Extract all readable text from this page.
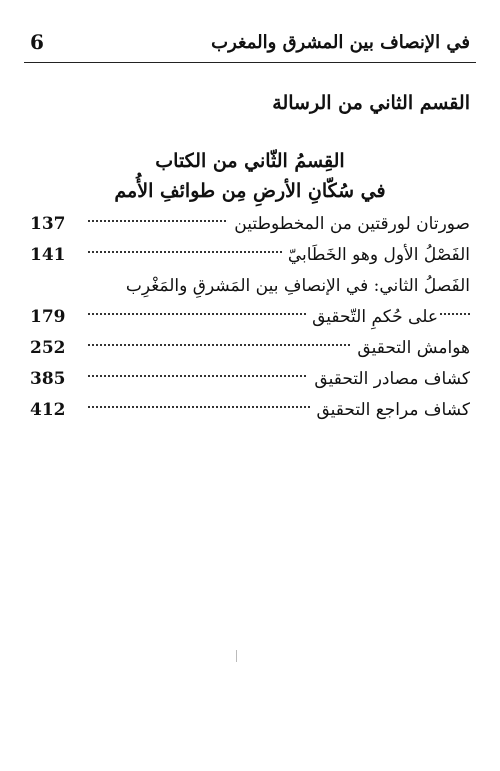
6	في الإنصاف بين المشرق والمغرب
القسم الثاني من الرسالة
القِسمُ الثّاني من الكتاب
في سُكّانِ الأرضِ مِن طوائفِ الأُمم
صورتان لورقتين من المخطوطتين
137
الفَصْلُ الأول وهو الخَطَابيّ
141
الفَصلُ الثاني: في الإنصافِ بين المَشرقِ والمَغْرِب
على حُكمِ التّحقيق
179
هوامش التحقيق
252
كشاف مصادر التحقيق
385
كشاف مراجع التحقيق
412
